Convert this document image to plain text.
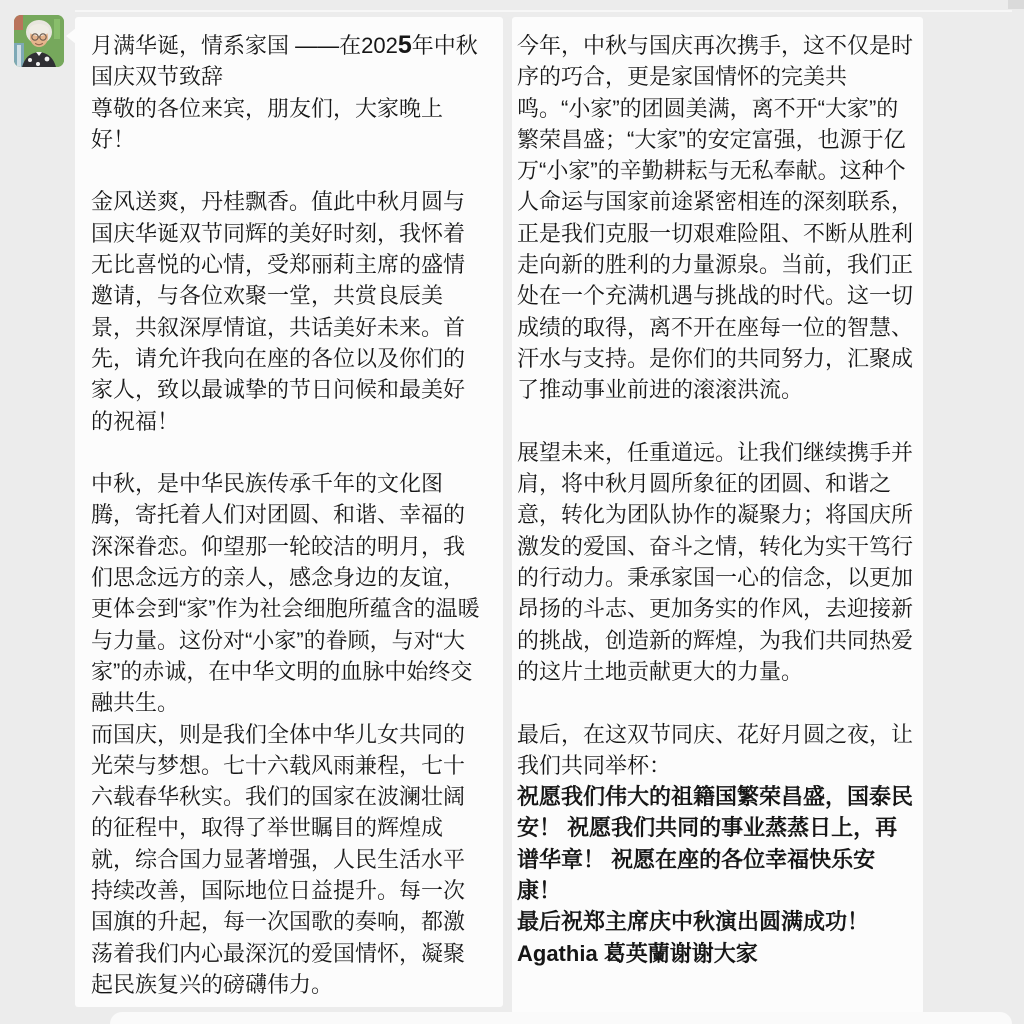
月满华诞，情系家国 ——在2025年中秋国庆双节致辞

尊敬的各位来宾，朋友们，大家晚上好！

金风送爽，丹桂飘香。值此中秋月圆与国庆华诞双节同辉的美好时刻，我怀着无比喜悦的心情，受郑丽莉主席的盛情邀请，与各位欢聚一堂，共赏良辰美景，共叙深厚情谊，共话美好未来。首先，请允许我向在座的各位以及你们的家人，致以最诚挚的节日问候和最美好的祝福！

中秋，是中华民族传承千年的文化图腾，寄托着人们对团圆、和谐、幸福的深深眷恋。仰望那一轮皎洁的明月，我们思念远方的亲人，感念身边的友谊，更体会到“家”作为社会细胞所蕴含的温暖与力量。这份对“小家”的眷顾，与对“大家”的赤诚，在中华文明的血脉中始终交融共生。

而国庆，则是我们全体中华儿女共同的光荣与梦想。七十六载风雨兼程，七十六载春华秋实。我们的国家在波澜壮阔的征程中，取得了举世瞩目的辉煌成就，综合国力显著增强，人民生活水平持续改善，国际地位日益提升。每一次国旗的升起，每一次国歌的奏响，都激荡着我们内心最深沉的爱国情怀，凝聚起民族复兴的磅礴伟力。

今年，中秋与国庆再次携手，这不仅是时序的巧合，更是家国情怀的完美共鸣。“小家”的团圆美满，离不开“大家”的繁荣昌盛；“大家”的安定富强，也源于亿万“小家”的辛勤耕耘与无私奉献。这种个人命运与国家前途紧密相连的深刻联系，正是我们克服一切艰难险阻、不断从胜利走向新的胜利的力量源泉。当前，我们正处在一个充满机遇与挑战的时代。这一切成绩的取得，离不开在座每一位的智慧、汗水与支持。是你们的共同努力，汇聚成了推动事业前进的滚滚洪流。

展望未来，任重道远。让我们继续携手并肩，将中秋月圆所象征的团圆、和谐之意，转化为团队协作的凝聚力；将国庆所激发的爱国、奋斗之情，转化为实干笃行的行动力。秉承家国一心的信念，以更加昂扬的斗志、更加务实的作风，去迎接新的挑战，创造新的辉煌，为我们共同热爱的这片土地贡献更大的力量。

最后，在这双节同庆、花好月圆之夜，让我们共同举杯：

祝愿我们伟大的祖籍国繁荣昌盛，国泰民安！ 祝愿我们共同的事业蒸蒸日上，再谱华章！ 祝愿在座的各位幸福快乐安康！

最后祝郑主席庆中秋演出圆满成功！

Agathia 葛英蘭谢谢大家
